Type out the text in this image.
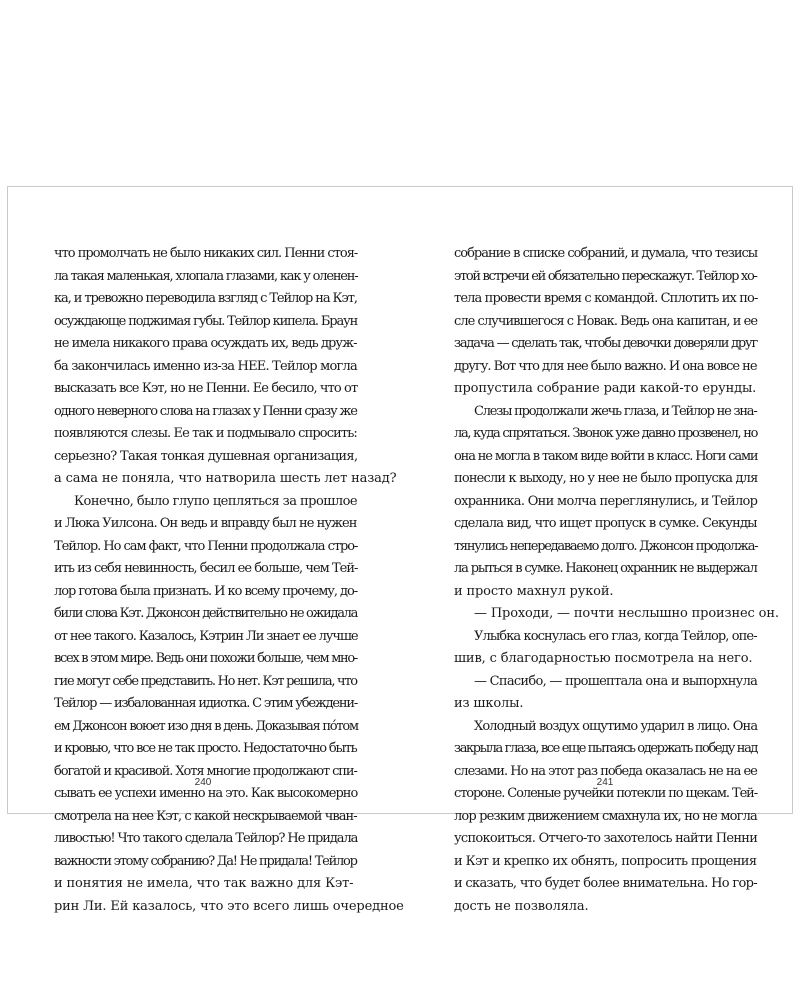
что промолчать не было никаких сил. Пенни стоя-

ла такая маленькая, хлопала глазами, как у оленен-

ка, и тревожно переводила взгляд с Тейлор на Кэт,

осуждающе поджимая губы. Тейлор кипела. Браун

не имела никакого права осуждать их, ведь друж-

ба закончилась именно из-за НЕЕ. Тейлор могла

высказать все Кэт, но не Пенни. Ее бесило, что от

одного неверного слова на глазах у Пенни сразу же

появляются слезы. Ее так и подмывало спросить:

серьезно? Такая тонкая душевная организация,

а сама не поняла, что натворила шесть лет назад?

Конечно, было глупо цепляться за прошлое

и Люка Уилсона. Он ведь и вправду был не нужен

Тейлор. Но сам факт, что Пенни продолжала стро-

ить из себя невинность, бесил ее больше, чем Тей-

лор готова была признать. И ко всему прочему, до-

били слова Кэт. Джонсон действительно не ожидала

от нее такого. Казалось, Кэтрин Ли знает ее лучше

всех в этом мире. Ведь они похожи больше, чем мно-

гие могут себе представить. Но нет. Кэт решила, что

Тейлор — избалованная идиотка. С этим убеждени-

ем Джонсон воюет изо дня в день. Доказывая по́том

и кровью, что все не так просто. Недостаточно быть

богатой и красивой. Хотя многие продолжают спи-

сывать ее успехи именно на это. Как высокомерно

смотрела на нее Кэт, с какой нескрываемой чван-

ливостью! Что такого сделала Тейлор? Не придала

важности этому собранию? Да! Не придала! Тейлор

и понятия не имела, что так важно для Кэт-

рин Ли. Ей казалось, что это всего лишь очередное

собрание в списке собраний, и думала, что тезисы

этой встречи ей обязательно перескажут. Тейлор хо-

тела провести время с командой. Сплотить их по-

сле случившегося с Новак. Ведь она капитан, и ее

задача — сделать так, чтобы девочки доверяли друг

другу. Вот что для нее было важно. И она вовсе не

пропустила собрание ради какой-то ерунды.

Слезы продолжали жечь глаза, и Тейлор не зна-

ла, куда спрятаться. Звонок уже давно прозвенел, но

она не могла в таком виде войти в класс. Ноги сами

понесли к выходу, но у нее не было пропуска для

охранника. Они молча переглянулись, и Тейлор

сделала вид, что ищет пропуск в сумке. Секунды

тянулись непередаваемо долго. Джонсон продолжа-

ла рыться в сумке. Наконец охранник не выдержал

и просто махнул рукой.

— Проходи, — почти неслышно произнес он.

Улыбка коснулась его глаз, когда Тейлор, опе-

шив, с благодарностью посмотрела на него.

— Спасибо, — прошептала она и выпорхнула

из школы.

Холодный воздух ощутимо ударил в лицо. Она

закрыла глаза, все еще пытаясь одержать победу над

слезами. Но на этот раз победа оказалась не на ее

стороне. Соленые ручейки потекли по щекам. Тей-

лор резким движением смахнула их, но не могла

успокоиться. Отчего-то захотелось найти Пенни

и Кэт и крепко их обнять, попросить прощения

и сказать, что будет более внимательна. Но гор-

дость не позволяла.

240	241
